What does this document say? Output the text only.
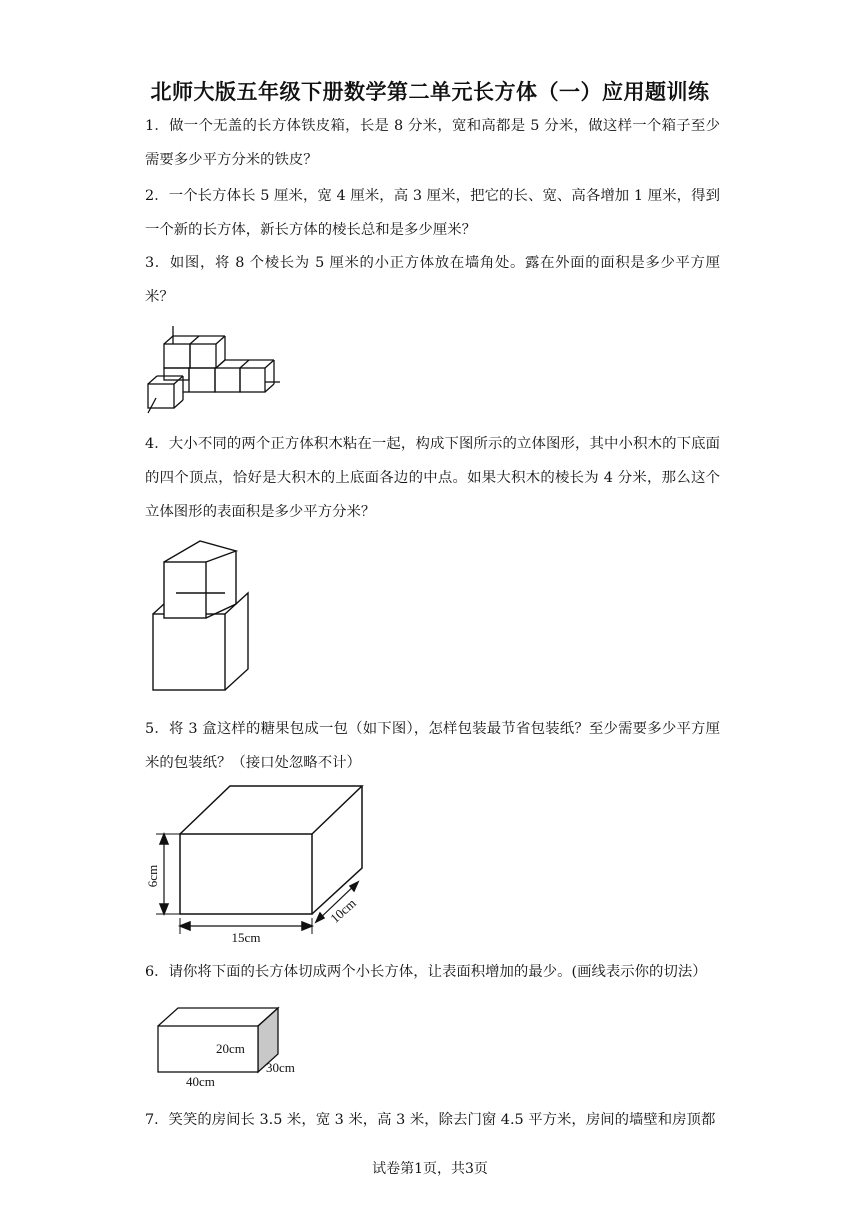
北师大版五年级下册数学第二单元长方体（一）应用题训练
1．做一个无盖的长方体铁皮箱，长是 8 分米，宽和高都是 5 分米，做这样一个箱子至少需要多少平方分米的铁皮？
2．一个长方体长 5 厘米，宽 4 厘米，高 3 厘米，把它的长、宽、高各增加 1 厘米，得到一个新的长方体，新长方体的棱长总和是多少厘米？
3．如图，将 8 个棱长为 5 厘米的小正方体放在墙角处。露在外面的面积是多少平方厘米？
4．大小不同的两个正方体积木粘在一起，构成下图所示的立体图形，其中小积木的下底面的四个顶点，恰好是大积木的上底面各边的中点。如果大积木的棱长为 4 分米，那么这个立体图形的表面积是多少平方分米？
5．将 3 盒这样的糖果包成一包（如下图），怎样包装最节省包装纸？至少需要多少平方厘米的包装纸？（接口处忽略不计）
6cm
15cm
10cm
6．请你将下面的长方体切成两个小长方体，让表面积增加的最少。(画线表示你的切法）
20cm
40cm
30cm
7．笑笑的房间长 3.5 米，宽 3 米，高 3 米，除去门窗 4.5 平方米，房间的墙壁和房顶都
试卷第1页，共3页
